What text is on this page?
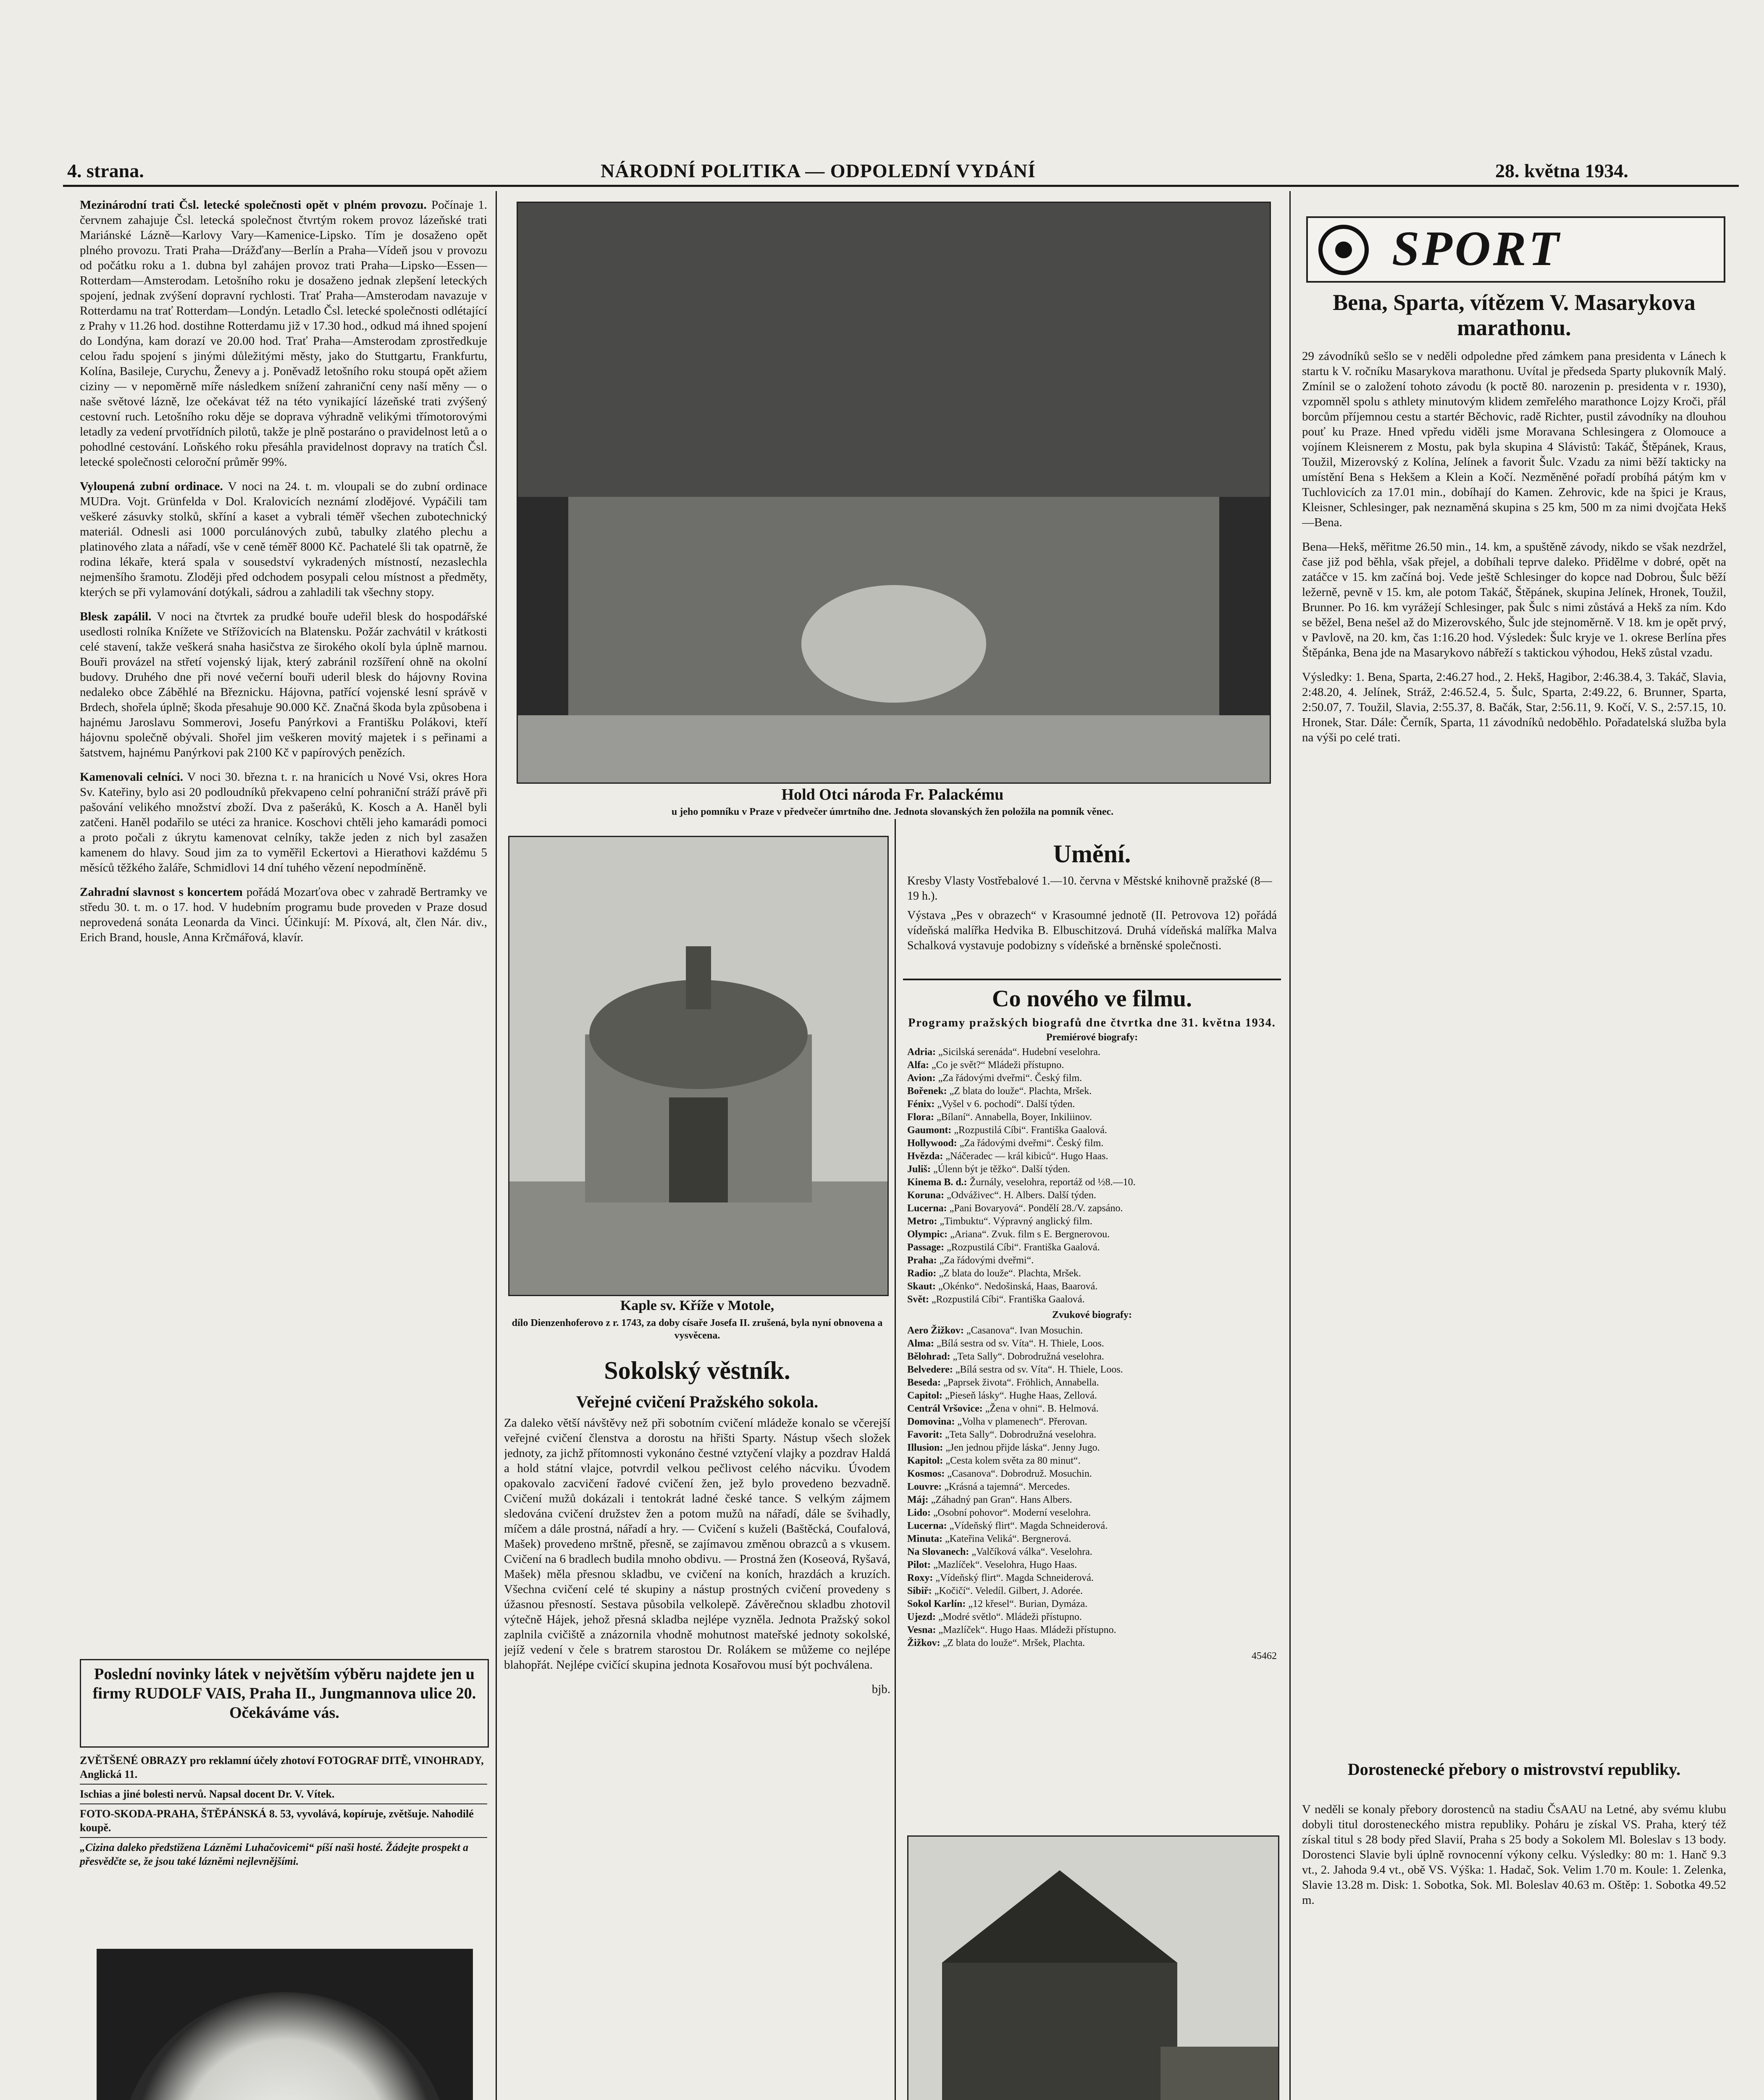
4. strana.	NÁRODNÍ POLITIKA — ODPOLEDNÍ VYDÁNÍ	28. května 1934.

Mezinárodní trati Čsl. letecké společnosti opět v plném provozu. Počínaje 1. červnem zahajuje Čsl. letecká společnost čtvrtým rokem provoz lázeňské trati Mariánské Lázně—Karlovy Vary—Kamenice-Lipsko. Tím je dosaženo opět plného provozu. Trati Praha—Drážďany—Berlín a Praha—Vídeň jsou v provozu od počátku roku a 1. dubna byl zahájen provoz trati Praha—Lipsko—Essen—Rotterdam—Amsterodam. Letošního roku je dosaženo jednak zlepšení leteckých spojení, jednak zvýšení dopravní rychlosti. Trať Praha—Amsterodam navazuje v Rotterdamu na trať Rotterdam—Londýn. Letadlo Čsl. letecké společnosti odlétající z Prahy v 11.26 hod. dostihne Rotterdamu již v 17.30 hod., odkud má ihned spojení do Londýna, kam dorazí ve 20.00 hod. Trať Praha—Amsterodam zprostředkuje celou řadu spojení s jinými důležitými městy, jako do Stuttgartu, Frankfurtu, Kolína, Basileje, Curychu, Ženevy a j. Poněvadž letošního roku stoupá opět ažiem ciziny — v nepoměrně míře následkem snížení zahraniční ceny naší měny — o naše světové lázně, lze očekávat též na této vynikající lázeňské trati zvýšený cestovní ruch. Letošního roku děje se doprava výhradně velikými třímotorovými letadly za vedení prvotřídních pilotů, takže je plně postaráno o pravidelnost letů a o pohodlné cestování. Loňského roku přesáhla pravidelnost dopravy na tratích Čsl. letecké společnosti celoroční průměr 99%.

Vyloupená zubní ordinace. V noci na 24. t. m. vloupali se do zubní ordinace MUDra. Vojt. Grünfelda v Dol. Kralovicích neznámí zlodějové. Vypáčili tam veškeré zásuvky stolků, skříní a kaset a vybrali téměř všechen zubotechnický materiál. Odnesli asi 1000 porculánových zubů, tabulky zlatého plechu a platinového zlata a nářadí, vše v ceně téměř 8000 Kč. Pachatelé šli tak opatrně, že rodina lékaře, která spala v sousedství vykradených místností, nezaslechla nejmenšího šramotu. Zloději před odchodem posypali celou místnost a předměty, kterých se při vylamování dotýkali, sádrou a zahladili tak všechny stopy.

Blesk zapálil. V noci na čtvrtek za prudké bouře udeřil blesk do hospodářské usedlosti rolníka Knížete ve Střížovicích na Blatensku. Požár zachvátil v krátkosti celé stavení, takže veškerá snaha hasičstva ze širokého okolí byla úplně marnou. Bouři provázel na střetí vojenský lijak, který zabránil rozšíření ohně na okolní budovy. Druhého dne při nové večerní bouři uderil blesk do hájovny Rovina nedaleko obce Záběhlé na Březnicku. Hájovna, patřící vojenské lesní správě v Brdech, shořela úplně; škoda přesahuje 90.000 Kč. Značná škoda byla způsobena i hajnému Jaroslavu Sommerovi, Josefu Panýrkovi a Františku Polákovi, kteří hájovnu společně obývali. Shořel jim veškeren movitý majetek i s peřinami a šatstvem, hajnému Panýrkovi pak 2100 Kč v papírových penězích.

Kamenovali celníci. V noci 30. března t. r. na hranicích u Nové Vsi, okres Hora Sv. Kateřiny, bylo asi 20 podloudníků překvapeno celní pohraniční stráží právě při pašování velikého množství zboží. Dva z pašeráků, K. Kosch a A. Haněl byli zatčeni. Haněl podařilo se utéci za hranice. Koschovi chtěli jeho kamarádi pomoci a proto počali z úkrytu kamenovat celníky, takže jeden z nich byl zasažen kamenem do hlavy. Soud jim za to vyměřil Eckertovi a Hierathovi každému 5 měsíců těžkého žaláře, Schmidlovi 14 dní tuhého vězení nepodmíněně.

Zahradní slavnost s koncertem pořádá Mozarťova obec v zahradě Bertramky ve středu 30. t. m. o 17. hod. V hudebním programu bude proveden v Praze dosud neprovedená sonáta Leonarda da Vinci. Účinkují: M. Píxová, alt, člen Nár. div., Erich Brand, housle, Anna Krčmářová, klavír.

Poslední novinky látek v největším výběru najdete jen u firmy RUDOLF VAIS, Praha II., Jungmannova ulice 20. Očekáváme vás.
ZVĚTŠENÉ OBRAZY pro reklamní účely zhotoví FOTOGRAF DITĚ, VINOHRADY, Anglická 11.
Ischias a jiné bolesti nervů. Napsal docent Dr. V. Vítek.
FOTO-SKODA-PRAHA, ŠTĚPÁNSKÁ 8. 53, vyvolává, kopíruje, zvětšuje. Nahodilé koupě.
„Cizina daleko předstižena Lázněmi Luhačovicemi“ píší naši hosté. Žádejte prospekt a přesvědčte se, že jsou také lázněmi nejlevnějšími.
Hold Otci národa Fr. Palackému
u jeho pomníku v Praze v předvečer úmrtního dne. Jednota slovanských žen položila na pomník věnec.
Kaple sv. Kříže v Motole,
dílo Dienzenhoferovo z r. 1743, za doby císaře Josefa II. zrušená, byla nyní obnovena a vysvěcena.
Sokolský věstník.
Veřejné cvičení Pražského sokola.

Za dalekо větší návštěvy než při sobotním cvičení mládeže konalo se včerejší veřejné cvičení členstva a dorostu na hřišti Sparty. Nástup všech složek jednoty, za jichž přítomnosti vykonáno čestné vztyčení vlajky a pozdrav Haldá a hold státní vlajce, potvrdil velkou pečlivost celého nácviku. Úvodem opakovalo zacvičení řadové cvičení žen, jež bylo provedeno bezvadně. Cvičení mužů dokázali i tentokrát ladné české tance. S velkým zájmem sledována cvičení družstev žen a potom mužů na nářadí, dále se švihadly, míčem a dále prostná, nářadí a hry. — Cvičení s kuželi (Baštěcká, Coufalová, Mašek) provedeno mrštně, přesně, se zajímavou změnou obrazců a s vkusem. Cvičení na 6 bradlech budila mnoho obdivu. — Prostná žen (Koseová, Ryšavá, Mašek) měla přesnou skladbu, ve cvičení na koních, hrazdách a kruzích. Všechna cvičení celé té skupiny a nástup prostných cvičení provedeny s úžasnou přesností. Sestava působila velkolepě. Závěrečnou skladbu zhotovil výtečně Hájek, jehož přesná skladba nejlépe vyzněla. Jednota Pražský sokol zaplnila cvičiště a znázornila vhodně mohutnost mateřské jednoty sokolské, jejíž vedení v čele s bratrem starostou Dr. Rolákem se můžeme co nejlépe blahopřát. Nejlépe cvičící skupina jednota Kosařovou musí být pochválena.

bjb.

Umění.
Kresby Vlasty Vostřebalové 1.—10. června v Městské knihovně pražské (8—19 h.).
Výstava „Pes v obrazech“ v Krasoumné jednotě (II. Petrovova 12) pořádá vídeňská malířka Hedvika B. Elbuschitzová. Druhá vídeňská malířka Malva Schalková vystavuje podobizny s vídeňské a brněnské společnosti.
Co nového ve filmu.
Programy pražských biografů dne čtvrtka dne 31. května 1934.
Premiérové biografy:
Adria: „Sicilská serenáda“. Hudební veselohra.
Alfa: „Co je svět?“ Mládeži přístupno.
Avion: „Za řádovými dveřmi“. Český film.
Bořenek: „Z blata do louže“. Plachta, Mršek.
Fénix: „Vyšel v 6. pochodí“. Další týden.
Flora: „Bílaní“. Annabella, Boyer, Inkiliinov.
Gaumont: „Rozpustilá Cíbi“. Františka Gaalová.
Hollywood: „Za řádovými dveřmi“. Český film.
Hvězda: „Náčeradec — král kibiců“. Hugo Haas.
Juliš: „Úlenn být je těžko“. Další týden.
Kinema B. d.: Žurnály, veselohra, reportáž od ½8.—10.
Koruna: „Odváživec“. H. Albers. Další týden.
Lucerna: „Pani Bovaryová“. Pondělí 28./V. zapsáno.
Metro: „Timbuktu“. Výpravný anglický film.
Olympic: „Ariana“. Zvuk. film s E. Bergnerovou.
Passage: „Rozpustilá Cíbi“. Františka Gaalová.
Praha: „Za řádovými dveřmi“.
Radio: „Z blata do louže“. Plachta, Mršek.
Skaut: „Okénko“. Nedošinská, Haas, Baarová.
Svět: „Rozpustilá Cíbi“. Františka Gaalová.
Zvukové biografy:
Aero Žižkov: „Casanova“. Ivan Mosuchin.
Alma: „Bílá sestra od sv. Víta“. H. Thiele, Loos.
Bělohrad: „Teta Sally“. Dobrodružná veselohra.
Belvedere: „Bílá sestra od sv. Víta“. H. Thiele, Loos.
Beseda: „Paprsek života“. Fröhlich, Annabella.
Capitol: „Pieseň lásky“. Hughe Haas, Zellová.
Centrál Vršovice: „Žena v ohni“. B. Helmová.
Domovina: „Volha v plamenech“. Přerovan.
Favorit: „Teta Sally“. Dobrodružná veselohra.
Illusion: „Jen jednou přijde láska“. Jenny Jugo.
Kapitol: „Cesta kolem světa za 80 minut“.
Kosmos: „Casanova“. Dobrodruž. Mosuchin.
Louvre: „Krásná a tajemná“. Mercedes.
Máj: „Záhadný pan Gran“. Hans Albers.
Lido: „Osobní pohovor“. Moderní veselohra.
Lucerna: „Vídeňský flirt“. Magda Schneiderová.
Minuta: „Kateřina Veliká“. Bergnerová.
Na Slovanech: „Valčíková válka“. Veselohra.
Pilot: „Mazlíček“. Veselohra, Hugo Haas.
Roxy: „Vídeňský flirt“. Magda Schneiderová.
Sibiř: „Kočičí“. Veledíl. Gilbert, J. Adorée.
Sokol Karlín: „12 křesel“. Burian, Dymáza.
Ujezd: „Modré světlo“. Mládeži přístupno.
Vesna: „Mazlíček“. Hugo Haas. Mládeži přístupno.
Žižkov: „Z blata do louže“. Mršek, Plachta.
45462
SPORT
Bena, Sparta, vítězem V. Masarykova marathonu.

29 závodníků sešlo se v neděli odpoledne před zámkem pana presidenta v Lánech k startu k V. ročníku Masarykova marathonu. Uvítal je předseda Sparty plukovník Malý. Zmínil se o založení tohoto závodu (k poctě 80. narozenin p. presidenta v r. 1930), vzpomněl spolu s athlety minutovým klidem zemřelého marathonce Lojzy Kroči, přál borcům příjemnou cestu a startér Běchovic, radě Richter, pustil závodníky na dlouhou pouť ku Praze. Hned vpředu viděli jsme Moravana Schlesingera z Olomouce a vojínem Kleisnerem z Mostu, pak byla skupina 4 Slávistů: Takáč, Štěpánek, Kraus, Toužil, Mizerovský z Kolína, Jelínek a favorit Šulc. Vzadu za nimi běží takticky na umístění Bena s Hekšem a Klein a Kočí. Nezměněné pořadí probíhá pátým km v Tuchlovicích za 17.01 min., dobíhají do Kamen. Zehrovic, kde na špici je Kraus, Kleisner, Schlesinger, pak neznaměná skupina s 25 km, 500 m za nimi dvojčata Hekš—Bena.

Bena—Hekš, měřitme 26.50 min., 14. km, a spuštěně závody, nikdo se však nezdržel, čase již pod běhla, však přejel, a dobíhali teprve daleko. Přidělme v dobré, opět na zatáčce v 15. km začíná boj. Vede ještě Schlesinger do kopce nad Dobrou, Šulc běží ležerně, pevně v 15. km, ale potom Takáč, Štěpánek, skupina Jelínek, Hronek, Toužil, Brunner. Po 16. km vyrážejí Schlesinger, pak Šulc s nimi zůstává a Hekš za ním. Kdo se běžel, Bena nešel až do Mizerovského, Šulc jde stejnoměrně. V 18. km je opět prvý, v Pavlově, na 20. km, čas 1:16.20 hod. Výsledek: Šulc kryje ve 1. okrese Berlína přes Štěpánka, Bena jde na Masarykovo nábřeží s taktickou výhodou, Hekš zůstal vzadu.

Výsledky: 1. Bena, Sparta, 2:46.27 hod., 2. Hekš, Hagibor, 2:46.38.4, 3. Takáč, Slavia, 2:48.20, 4. Jelínek, Stráž, 2:46.52.4, 5. Šulc, Sparta, 2:49.22, 6. Brunner, Sparta, 2:50.07, 7. Toužil, Slavia, 2:55.37, 8. Bačák, Star, 2:56.11, 9. Kočí, V. S., 2:57.15, 10. Hronek, Star. Dále: Černík, Sparta, 11 závodníků nedoběhlo. Pořadatelská služba byla na výši po celé trati.

Dorostenecké přebory o mistrovství republiky.

V neděli se konaly přebory dorostenců na stadiu ČsAAU na Letné, aby svému klubu dobyli titul dorosteneckého mistra republiky. Poháru je získal VS. Praha, který též získal titul s 28 body před Slavií, Praha s 25 body a Sokolem Ml. Boleslav s 13 body. Dorostenci Slavie byli úplně rovnocenní výkony celku. Výsledky: 80 m: 1. Hanč 9.3 vt., 2. Jahoda 9.4 vt., obě VS. Výška: 1. Hadač, Sok. Velim 1.70 m. Koule: 1. Zelenka, Slavie 13.28 m. Disk: 1. Sobotka, Sok. Ml. Boleslav 40.63 m. Oštěp: 1. Sobotka 49.52 m.
